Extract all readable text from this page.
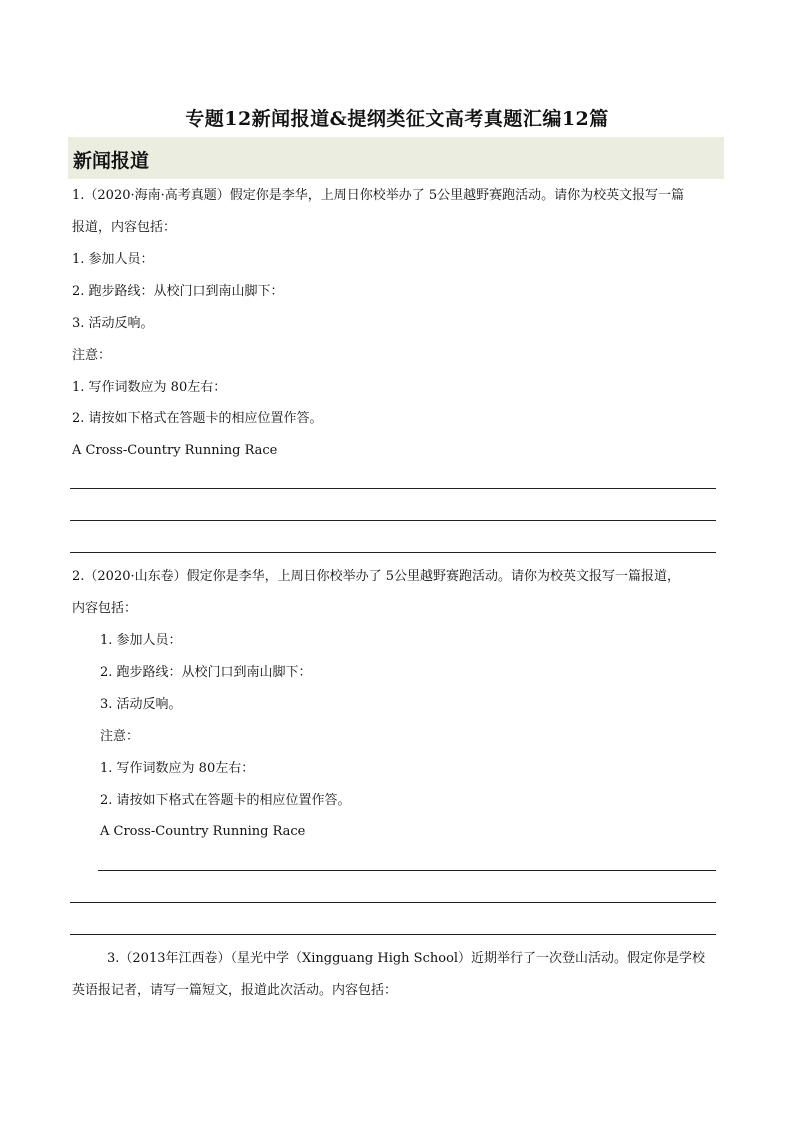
专题12新闻报道&提纲类征文高考真题汇编12篇
新闻报道
1.（2020·海南·高考真题）假定你是李华，上周日你校举办了 5公里越野赛跑活动。请你为校英文报写一篇
报道，内容包括：
1. 参加人员：
2. 跑步路线：从校门口到南山脚下：
3. 活动反响。
注意：
1. 写作词数应为 80左右：
2. 请按如下格式在答题卡的相应位置作答。
A Cross-Country Running Race
2.（2020·山东卷）假定你是李华，上周日你校举办了 5公里越野赛跑活动。请你为校英文报写一篇报道，
内容包括：
1. 参加人员：
2. 跑步路线：从校门口到南山脚下：
3. 活动反响。
注意：
1. 写作词数应为 80左右：
2. 请按如下格式在答题卡的相应位置作答。
A Cross-Country Running Race
3.（2013年江西卷）（星光中学（Xingguang High School）近期举行了一次登山活动。假定你是学校
英语报记者，请写一篇短文，报道此次活动。内容包括：
